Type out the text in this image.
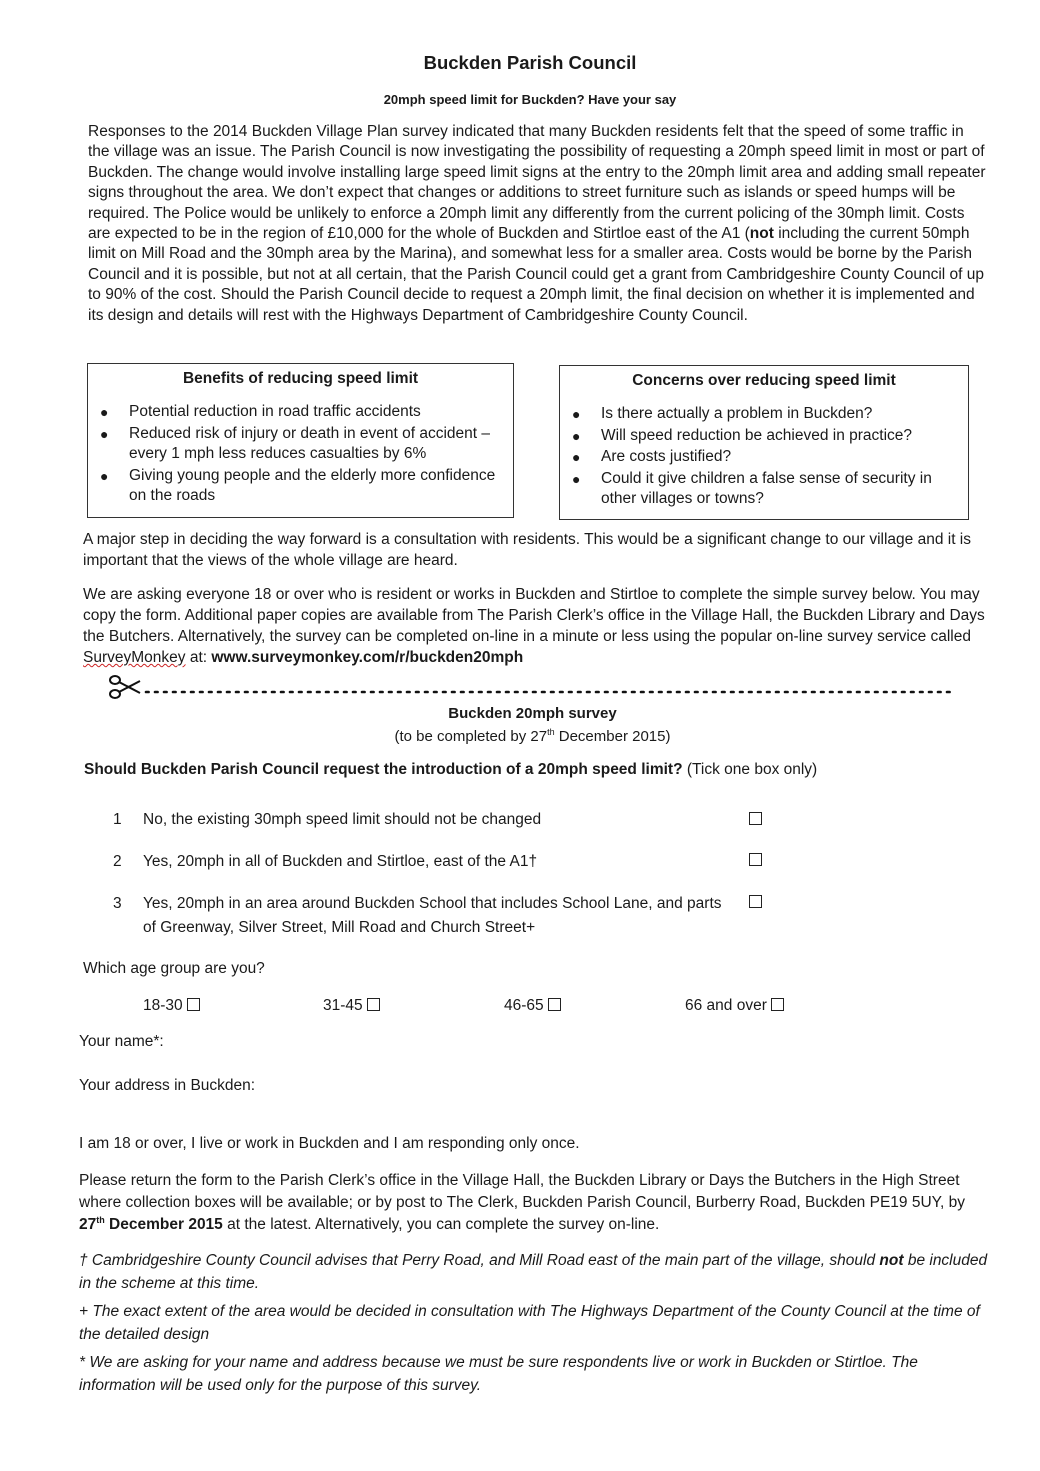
Buckden Parish Council
20mph speed limit for Buckden? Have your say
Responses to the 2014 Buckden Village Plan survey indicated that many Buckden residents felt that the speed of some traffic in the village was an issue. The Parish Council is now investigating the possibility of requesting a 20mph speed limit in most or part of Buckden. The change would involve installing large speed limit signs at the entry to the 20mph limit area and adding small repeater signs throughout the area. We don’t expect that changes or additions to street furniture such as islands or speed humps will be required. The Police would be unlikely to enforce a 20mph limit any differently from the current policing of the 30mph limit. Costs are expected to be in the region of £10,000 for the whole of Buckden and Stirtloe east of the A1 (not including the current 50mph limit on Mill Road and the 30mph area by the Marina), and somewhat less for a smaller area. Costs would be borne by the Parish Council and it is possible, but not at all certain, that the Parish Council could get a grant from Cambridgeshire County Council of up to 90% of the cost. Should the Parish Council decide to request a 20mph limit, the final decision on whether it is implemented and its design and details will rest with the Highways Department of Cambridgeshire County Council.
Benefits of reducing speed limit
● Potential reduction in road traffic accidents
● Reduced risk of injury or death in event of accident – every 1 mph less reduces casualties by 6%
● Giving young people and the elderly more confidence on the roads
Concerns over reducing speed limit
● Is there actually a problem in Buckden?
● Will speed reduction be achieved in practice?
● Are costs justified?
● Could it give children a false sense of security in other villages or towns?
A major step in deciding the way forward is a consultation with residents. This would be a significant change to our village and it is important that the views of the whole village are heard.
We are asking everyone 18 or over who is resident or works in Buckden and Stirtloe to complete the simple survey below. You may copy the form. Additional paper copies are available from The Parish Clerk’s office in the Village Hall, the Buckden Library and Days the Butchers. Alternatively, the survey can be completed on-line in a minute or less using the popular on-line survey service called SurveyMonkey at: www.surveymonkey.com/r/buckden20mph
Buckden 20mph survey
(to be completed by 27th December 2015)
Should Buckden Parish Council request the introduction of a 20mph speed limit? (Tick one box only)
1 No, the existing 30mph speed limit should not be changed
2 Yes, 20mph in all of Buckden and Stirtloe, east of the A1†
3 Yes, 20mph in an area around Buckden School that includes School Lane, and parts of Greenway, Silver Street, Mill Road and Church Street+
Which age group are you?
18-30	31-45	46-65	66 and over
Your name*:
Your address in Buckden:
I am 18 or over, I live or work in Buckden and I am responding only once.
Please return the form to the Parish Clerk’s office in the Village Hall, the Buckden Library or Days the Butchers in the High Street where collection boxes will be available; or by post to The Clerk, Buckden Parish Council, Burberry Road, Buckden PE19 5UY, by 27th December 2015 at the latest. Alternatively, you can complete the survey on-line.
† Cambridgeshire County Council advises that Perry Road, and Mill Road east of the main part of the village, should not be included in the scheme at this time.
+ The exact extent of the area would be decided in consultation with The Highways Department of the County Council at the time of the detailed design
* We are asking for your name and address because we must be sure respondents live or work in Buckden or Stirtloe. The information will be used only for the purpose of this survey.
